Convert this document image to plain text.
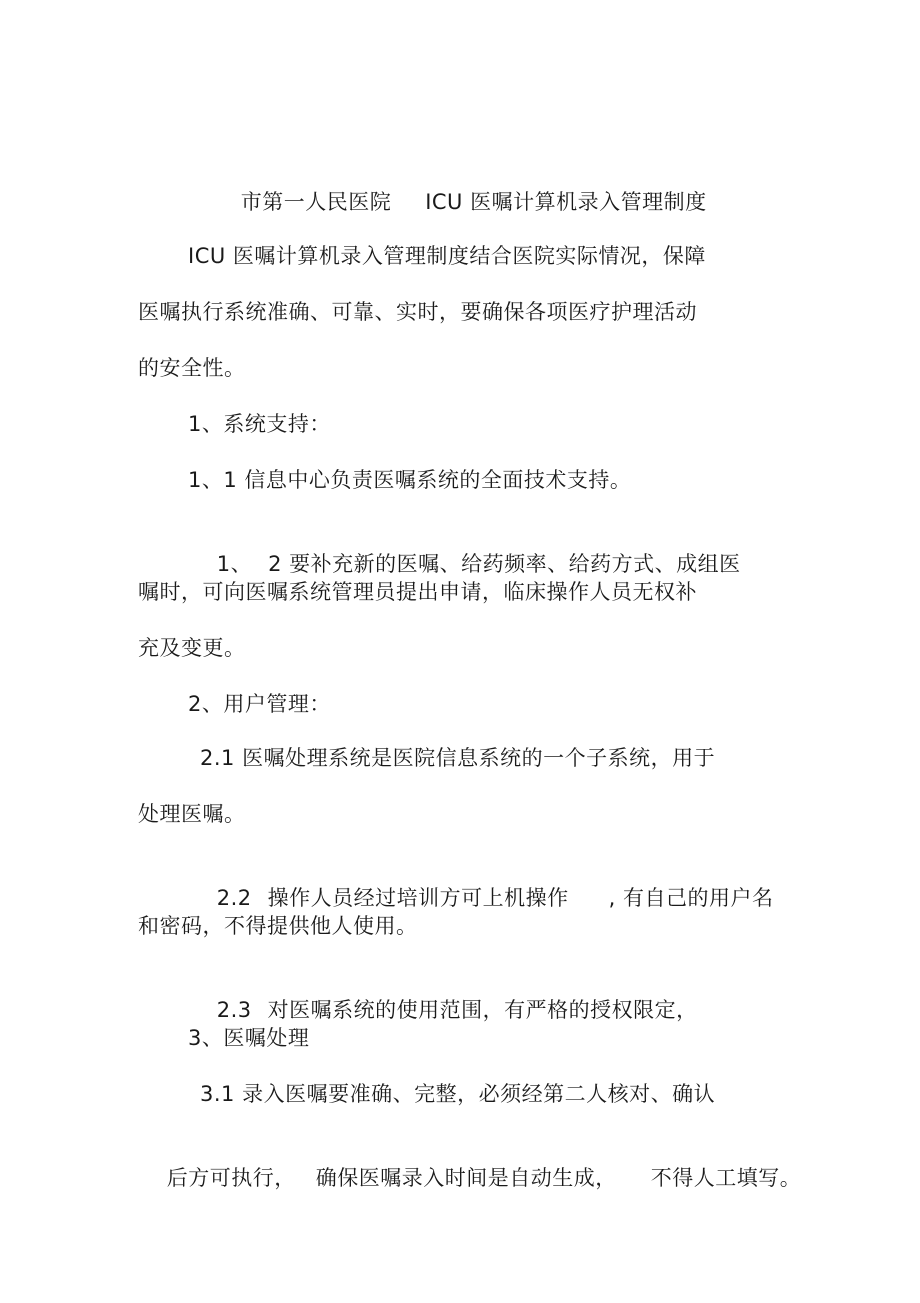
市第一人民医院 ICU 医嘱计算机录入管理制度

ICU 医嘱计算机录入管理制度结合医院实际情况，保障
医嘱执行系统准确、可靠、实时，要确保各项医疗护理活动
的安全性。
1、系统支持：
1、1 信息中心负责医嘱系统的全面技术支持。

1、 2 要补充新的医嘱、给药频率、给药方式、成组医

嘱时，可向医嘱系统管理员提出申请，临床操作人员无权补
充及变更。
2、用户管理：
2.1 医嘱处理系统是医院信息系统的一个子系统，用于
处理医嘱。

2.2 操作人员经过培训方可上机操作 , 有自己的用户名

和密码，不得提供他人使用。

2.3 对医嘱系统的使用范围，有严格的授权限定，

3、医嘱处理
3.1 录入医嘱要准确、完整，必须经第二人核对、确认

后方可执行， 确保医嘱录入时间是自动生成， 不得人工填写。
